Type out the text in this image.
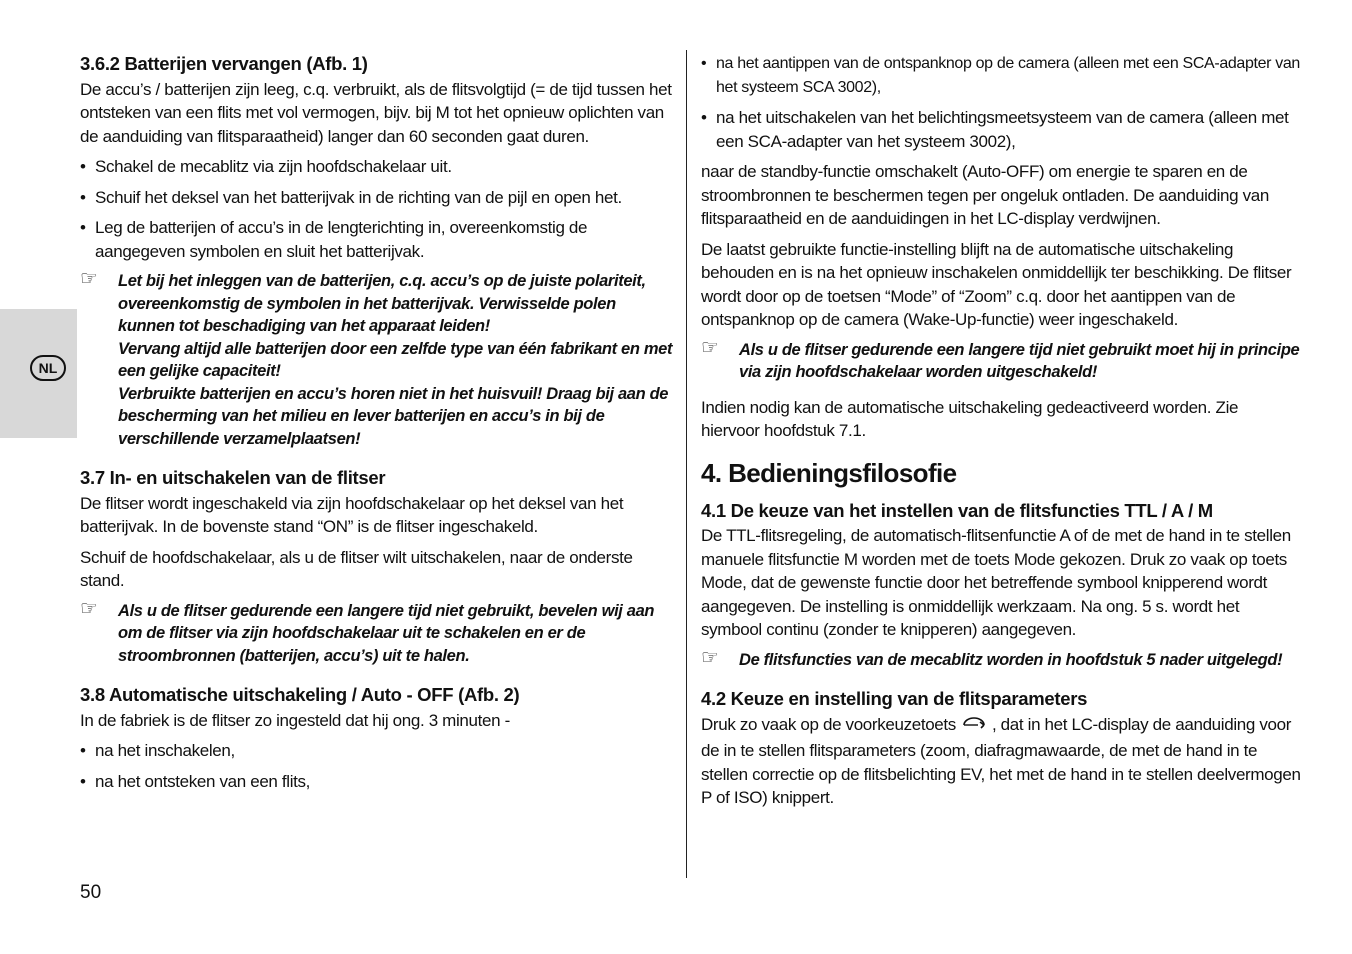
NL
3.6.2 Batterijen vervangen (Afb. 1)

De accu’s / batterijen zijn leeg, c.q. verbruikt, als de flitsvolgtijd (= de tijd tussen het ontsteken van een flits met vol vermogen, bijv. bij M tot het opnieuw oplichten van de aanduiding van flitsparaatheid) langer dan 60 seconden gaat duren.

• Schakel de mecablitz via zijn hoofdschakelaar uit.
• Schuif het deksel van het batterijvak in de richting van de pijl en open het.
• Leg de batterijen of accu’s in de lengterichting in, overeenkomstig de aangegeven symbolen en sluit het batterijvak.
☞ Let bij het inleggen van de batterijen, c.q. accu’s op de juiste polariteit, overeenkomstig de symbolen in het batterijvak. Verwisselde polen kunnen tot beschadiging van het apparaat leiden!
Vervang altijd alle batterijen door een zelfde type van één fabrikant en met een gelijke capaciteit!
Verbruikte batterijen en accu’s horen niet in het huisvuil! Draag bij aan de bescherming van het milieu en lever batterijen en accu’s in bij de verschillende verzamelplaatsen!
3.7 In- en uitschakelen van de flitser

De flitser wordt ingeschakeld via zijn hoofdschakelaar op het deksel van het batterijvak. In de bovenste stand “ON” is de flitser ingeschakeld.

Schuif de hoofdschakelaar, als u de flitser wilt uitschakelen, naar de onderste stand.

☞ Als u de flitser gedurende een langere tijd niet gebruikt, bevelen wij aan om de flitser via zijn hoofdschakelaar uit te schakelen en er de stroombronnen (batterijen, accu’s) uit te halen.
3.8 Automatische uitschakeling / Auto - OFF (Afb. 2)

In de fabriek is de flitser zo ingesteld dat hij ong. 3 minuten -

• na het inschakelen,
• na het ontsteken van een flits,
• na het aantippen van de ontspanknop op de camera (alleen met een SCA-adapter van het systeem SCA 3002),
• na het uitschakelen van het belichtingsmeetsysteem van de camera (alleen met een SCA-adapter van het systeem 3002),

naar de standby-functie omschakelt (Auto-OFF) om energie te sparen en de stroombronnen te beschermen tegen per ongeluk ontladen. De aanduiding van flitsparaatheid en de aanduidingen in het LC-display verdwijnen.

De laatst gebruikte functie-instelling blijft na de automatische uitschakeling behouden en is na het opnieuw inschakelen onmiddellijk ter beschikking. De flitser wordt door op de toetsen “Mode” of “Zoom” c.q. door het aantippen van de ontspanknop op de camera (Wake-Up-functie) weer ingeschakeld.

☞ Als u de flitser gedurende een langere tijd niet gebruikt moet hij in principe via zijn hoofdschakelaar worden uitgeschakeld!

Indien nodig kan de automatische uitschakeling gedeactiveerd worden. Zie hiervoor hoofdstuk 7.1.

4. Bedieningsfilosofie
4.1 De keuze van het instellen van de flitsfuncties TTL / A / M

De TTL-flitsregeling, de automatisch-flitsenfunctie A of de met de hand in te stellen manuele flitsfunctie M worden met de toets Mode gekozen. Druk zo vaak op toets Mode, dat de gewenste functie door het betreffende symbool knipperend wordt aangegeven. De instelling is onmiddellijk werkzaam. Na ong. 5 s. wordt het symbool continu (zonder te knipperen) aangegeven.

☞ De flitsfuncties van de mecablitz worden in hoofdstuk 5 nader uitgelegd!
4.2 Keuze en instelling van de flitsparameters

Druk zo vaak op de voorkeuzetoets , dat in het LC-display de aanduiding voor de in te stellen flitsparameters (zoom, diafragmawaarde, de met de hand in te stellen correctie op de flitsbelichting EV, het met de hand in te stellen deelvermogen P of ISO) knippert.

50
